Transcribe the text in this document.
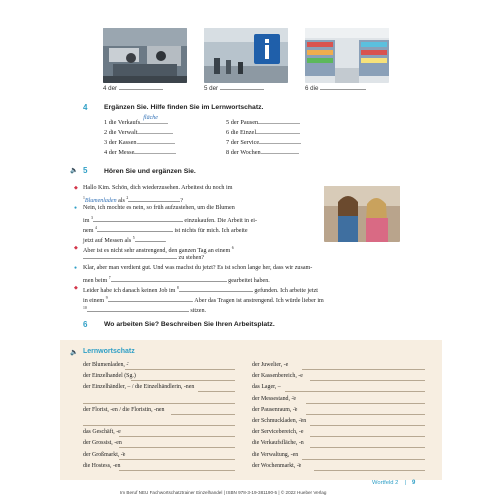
4 der	5 der	6 die
4 Ergänzen Sie. Hilfe finden Sie im Lernwortschatz.
1 die Verkaufs
fläche
2 die Verwalt
3 der Kassen
4 der Messe
5 der Pausen
6 die Einzel
7 der Service
8 der Wochen
🔈 5 Hören Sie und ergänzen Sie.
◆
●
◆
●
◆
Hallo Kim. Schön, dich wiederzusehen. Arbeitest du noch im
$^1$Blumenladen als $^2$?
Nein, ich mochte es nein, so früh aufzustehen, um die Blumen
im $^3$ einzukaufen. Die Arbeit in ei-
nem $^4$ ist nichts für mich. Ich arbeite
jetzt auf Messen als $^5$.
Aber ist es nicht sehr anstrengend, den ganzen Tag an einem $^6$
zu stehen?
Klar, aber man verdient gut. Und was machst du jetzt? Es ist schon lange her, dass wir zusam-
men beim $^7$ gearbeitet haben.
Leider habe ich danach keinen Job im $^8$ gefunden. Ich arbeite jetzt
in einem $^9$. Aber das Tragen ist anstrengend. Ich würde lieber im
$^{10}$ sitzen.
6 Wo arbeiten Sie? Beschreiben Sie Ihren Arbeitsplatz.
🔈 Lernwortschatz
der Blumenladen, -̈
der Einzelhandel (Sg.)
der Einzelhändler, – / die Einzelhändlerin, -nen
der Florist, -en / die Floristin, -nen
das Geschäft, -e
der Grossist, -en
der Großmarkt, -̈e
die Hostess, -en
der Juwelier, -e
der Kassenbereich, -e
das Lager, –
der Messestand, -̈e
der Pausenraum, -̈e
der Schmuckladen, -̈en
der Servicebereich, -e
die Verkaufsfläche, -n
die Verwaltung, -en
der Wochenmarkt, -̈e
Wortfeld 2 | 9
Im Beruf NEU Fachwortschatztrainer Einzelhandel | ISBN 978-3-19-381190-5 | © 2022 Hueber Verlag
